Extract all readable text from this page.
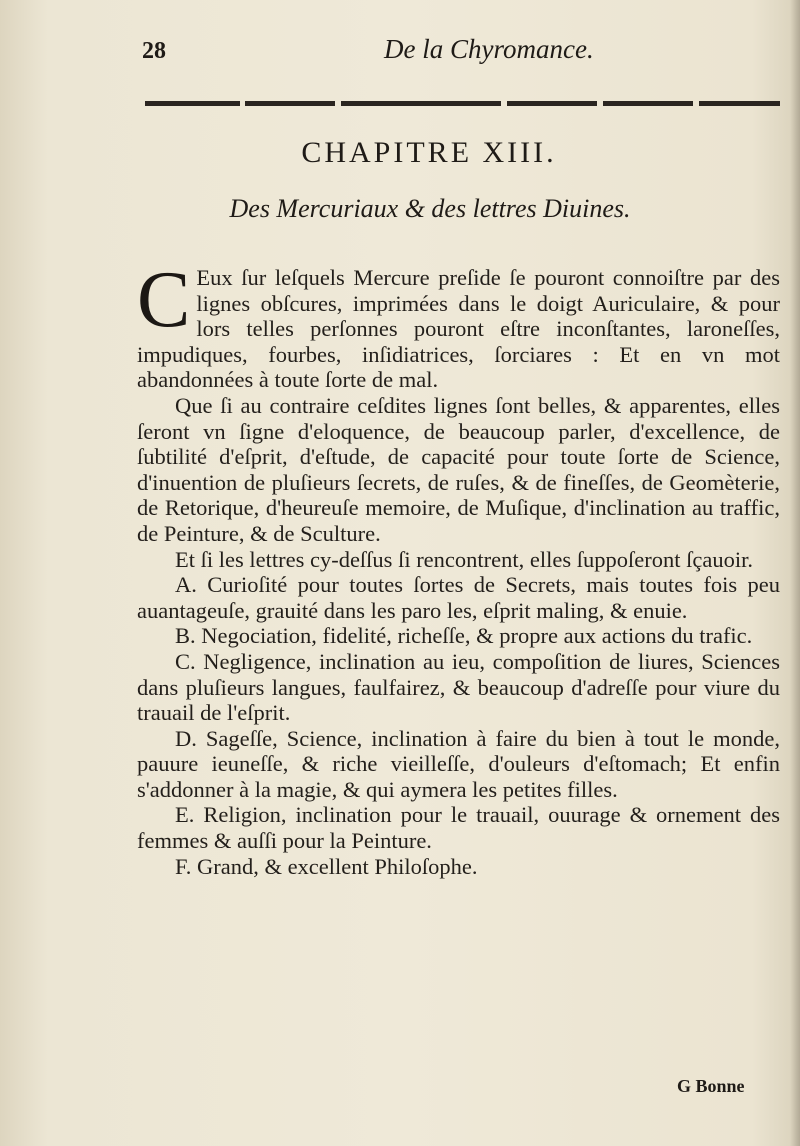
28	De la Chyromance.
CHAPITRE XIII.
Des Mercuriaux & des lettres Diuines.

C Eux ſur leſquels Mercure preſide ſe pouront connoiſtre par des lignes obſcures, imprimées dans le doigt Auriculaire, & pour lors telles perſonnes pouront eſtre inconſtantes, laroneſſes, impudiques, fourbes, inſidiatrices, ſorciares : Et en vn mot abandonnées à toute ſorte de mal.

Que ſi au contraire ceſdites lignes ſont belles, & apparentes, elles ſeront vn ſigne d'eloquence, de beaucoup parler, d'excellence, de ſubtilité d'eſprit, d'eſtude, de capacité pour toute ſorte de Science, d'inuention de pluſieurs ſecrets, de ruſes, & de fineſſes, de Geomèterie, de Retorique, d'heureuſe memoire, de Muſique, d'inclination au traffic, de Peinture, & de Sculture.

Et ſi les lettres cy-deſſus ſi rencontrent, elles ſuppoſeront ſçauoir.

A. Curioſité pour toutes ſortes de Secrets, mais toutes fois peu auantageuſe, grauité dans les paro les, eſprit maling, & enuie.

B. Negociation, fidelité, richeſſe, & propre aux actions du trafic.

C. Negligence, inclination au ieu, compoſition de liures, Sciences dans pluſieurs langues, faulfairez, & beaucoup d'adreſſe pour viure du trauail de l'eſprit.

D. Sageſſe, Science, inclination à faire du bien à tout le monde, pauure ieuneſſe, & riche vieilleſſe, d'ouleurs d'eſtomach; Et enfin s'addonner à la magie, & qui aymera les petites filles.

E. Religion, inclination pour le trauail, ouurage & ornement des femmes & auſſi pour la Peinture.

F. Grand, & excellent Philoſophe.

G Bonne
